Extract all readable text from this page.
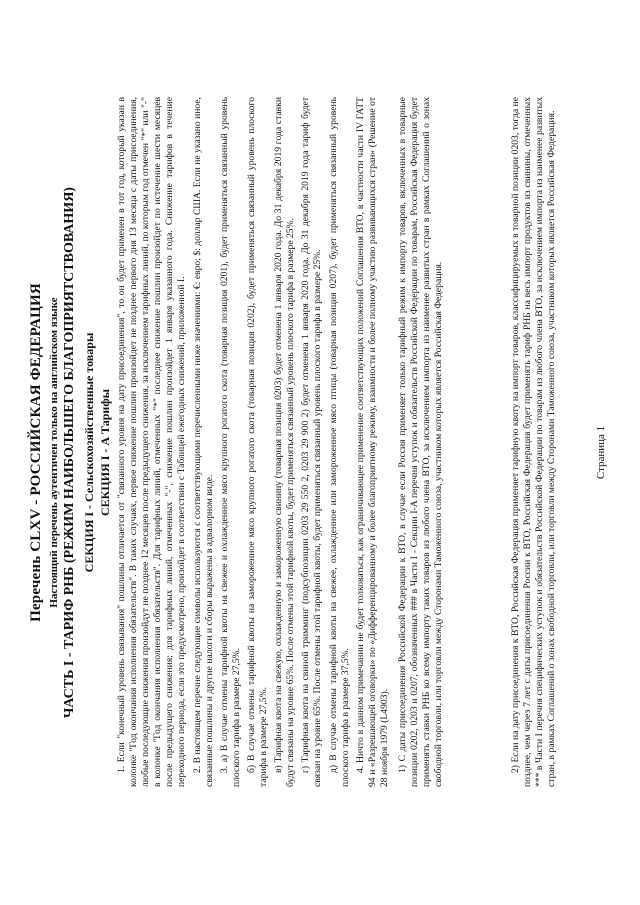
Перечень CLXV - РОССИЙСКАЯ ФЕДЕРАЦИЯ Настоящий перечень аутентичен только на английском языке ЧАСТЬ I - ТАРИФ РНБ (РЕЖИМ НАИБОЛЬШЕГО БЛАГОПРИЯТСТВОВАНИЯ) СЕКЦИЯ I - Сельскохозяйственные товары СЕКЦИЯ I - А Тарифы 1. Если "конечный уровень связывания" пошлины отличается от "связанного уровня на дату присоединения", то он будет применен в тот год, который указан в колонке "Год окончания исполнения обязательств". В таких случаях, первое снижение пошлин произойдет не позднее первого дня 13 месяца с даты присоединения, любые последующие снижения произойдут не позднее 12 месяцев после предыдущего снижения, за исключением тарифных линий, по которым год отмечен "*" или "-" в колонке "Год окончания исполнения обязательств". Для тарифных линий, отмеченных "*" последнее снижение пошлин произойдет по истечение шести месяцев после предыдущего снижения; для тарифных линий, отмеченных "-", снижение пошлин произойдет 1 января указанного года. Снижение тарифов в течение переходного периода, если это предусмотрено, произойдет в соответствии с Таблицей ежегодных снижений, приложенной I. 2. В настоящем перечне следующие символы используются с соответствующими перечисленными ниже значениями: €: евро; $: доллар США. Если не указано иное, связанные пошлины и другие налоги и сборы выражены в адвалорном виде. 3. а) В случае отмены тарифной квоты на свежее и охлажденное мясо крупного рогатого скота (товарная позиция 0201), будет применяться связанный уровень плоского тарифа в размере 27,5%. б) В случае отмены тарифной квоты на замороженное мясо крупного рогатого скота (товарная позиция 0202), будет применяться связанный уровень плоского тарифа в размере 27,5%. в) Тарифная квота на свежую, охлажденную и замороженную свинину (товарная позиция 0203) будет отменена 1 января 2020 года. До 31 декабря 2019 года ставки будут связаны на уровне 65%. После отмены этой тарифной квоты, будет применяться связанный уровень плоского тарифа в размере 25%. г) Тарифная квота на свиной тримминг (подсубпозиции 0203 29 550 2, 0203 29 900 2) будет отменена 1 января 2020 года. До 31 декабря 2019 года тариф будет связан на уровне 65%. После отмены этой тарифной квоты, будет применяться связанный уровень плоского тарифа в размере 25%. д) В случае отмены тарифной квоты на свежее, охлажденное или замороженное мясо птицы (товарная позиция 0207), будет применяться связанный уровень плоского тарифа в размере 37,5%. 4. Ничто в данном примечании не будет толковаться, как ограничивающее применение соответствующих положений Соглашения ВТО, в частности части IV ГАТТ 94 и «Разрешающей оговорки» по «Дифференцированному и более благоприятному режиму, взаимности и более полному участию развивающихся стран» (Решение от 28 ноября 1979 (L4903). 1) С даты присоединения Российской Федерации к ВТО, в случае если Россия применяет только тарифный режим к импорту товаров, включенных в товарные позиции 0202, 0203 и 0207, обозначенных ### в Части I - Секции I-A перечня уступок и обязательств Российской Федерации по товарам, Российская Федерация будет применять ставки РНБ ко всему импорту таких товаров из любого члена ВТО, за исключением импорта из наименее развитых стран в рамках Соглашений о зонах свободной торговли, или торговли между Сторонами Таможенного союза, участником которых является Российская Федерация.	2) Если на дату присоединения к ВТО, Российская Федерация применяет тарифную квоту на импорт товаров, классифицируемых в товарной позиции 0203, тогда не позднее, чем через 7 лет с даты присоединения России к ВТО, Российская Федерация будет применять тариф РНБ на весь импорт продуктов из свинины, отмеченных *** в Части I перечня специфических уступок и обязательств Российской Федерации по товарам из любого члена ВТО, за исключением импорта из наименее развитых стран, в рамках Соглашений о зонах свободной торговли, или торговли между Сторонами Таможенного союза, участником которых является Российская Федерация.	Страница 1
